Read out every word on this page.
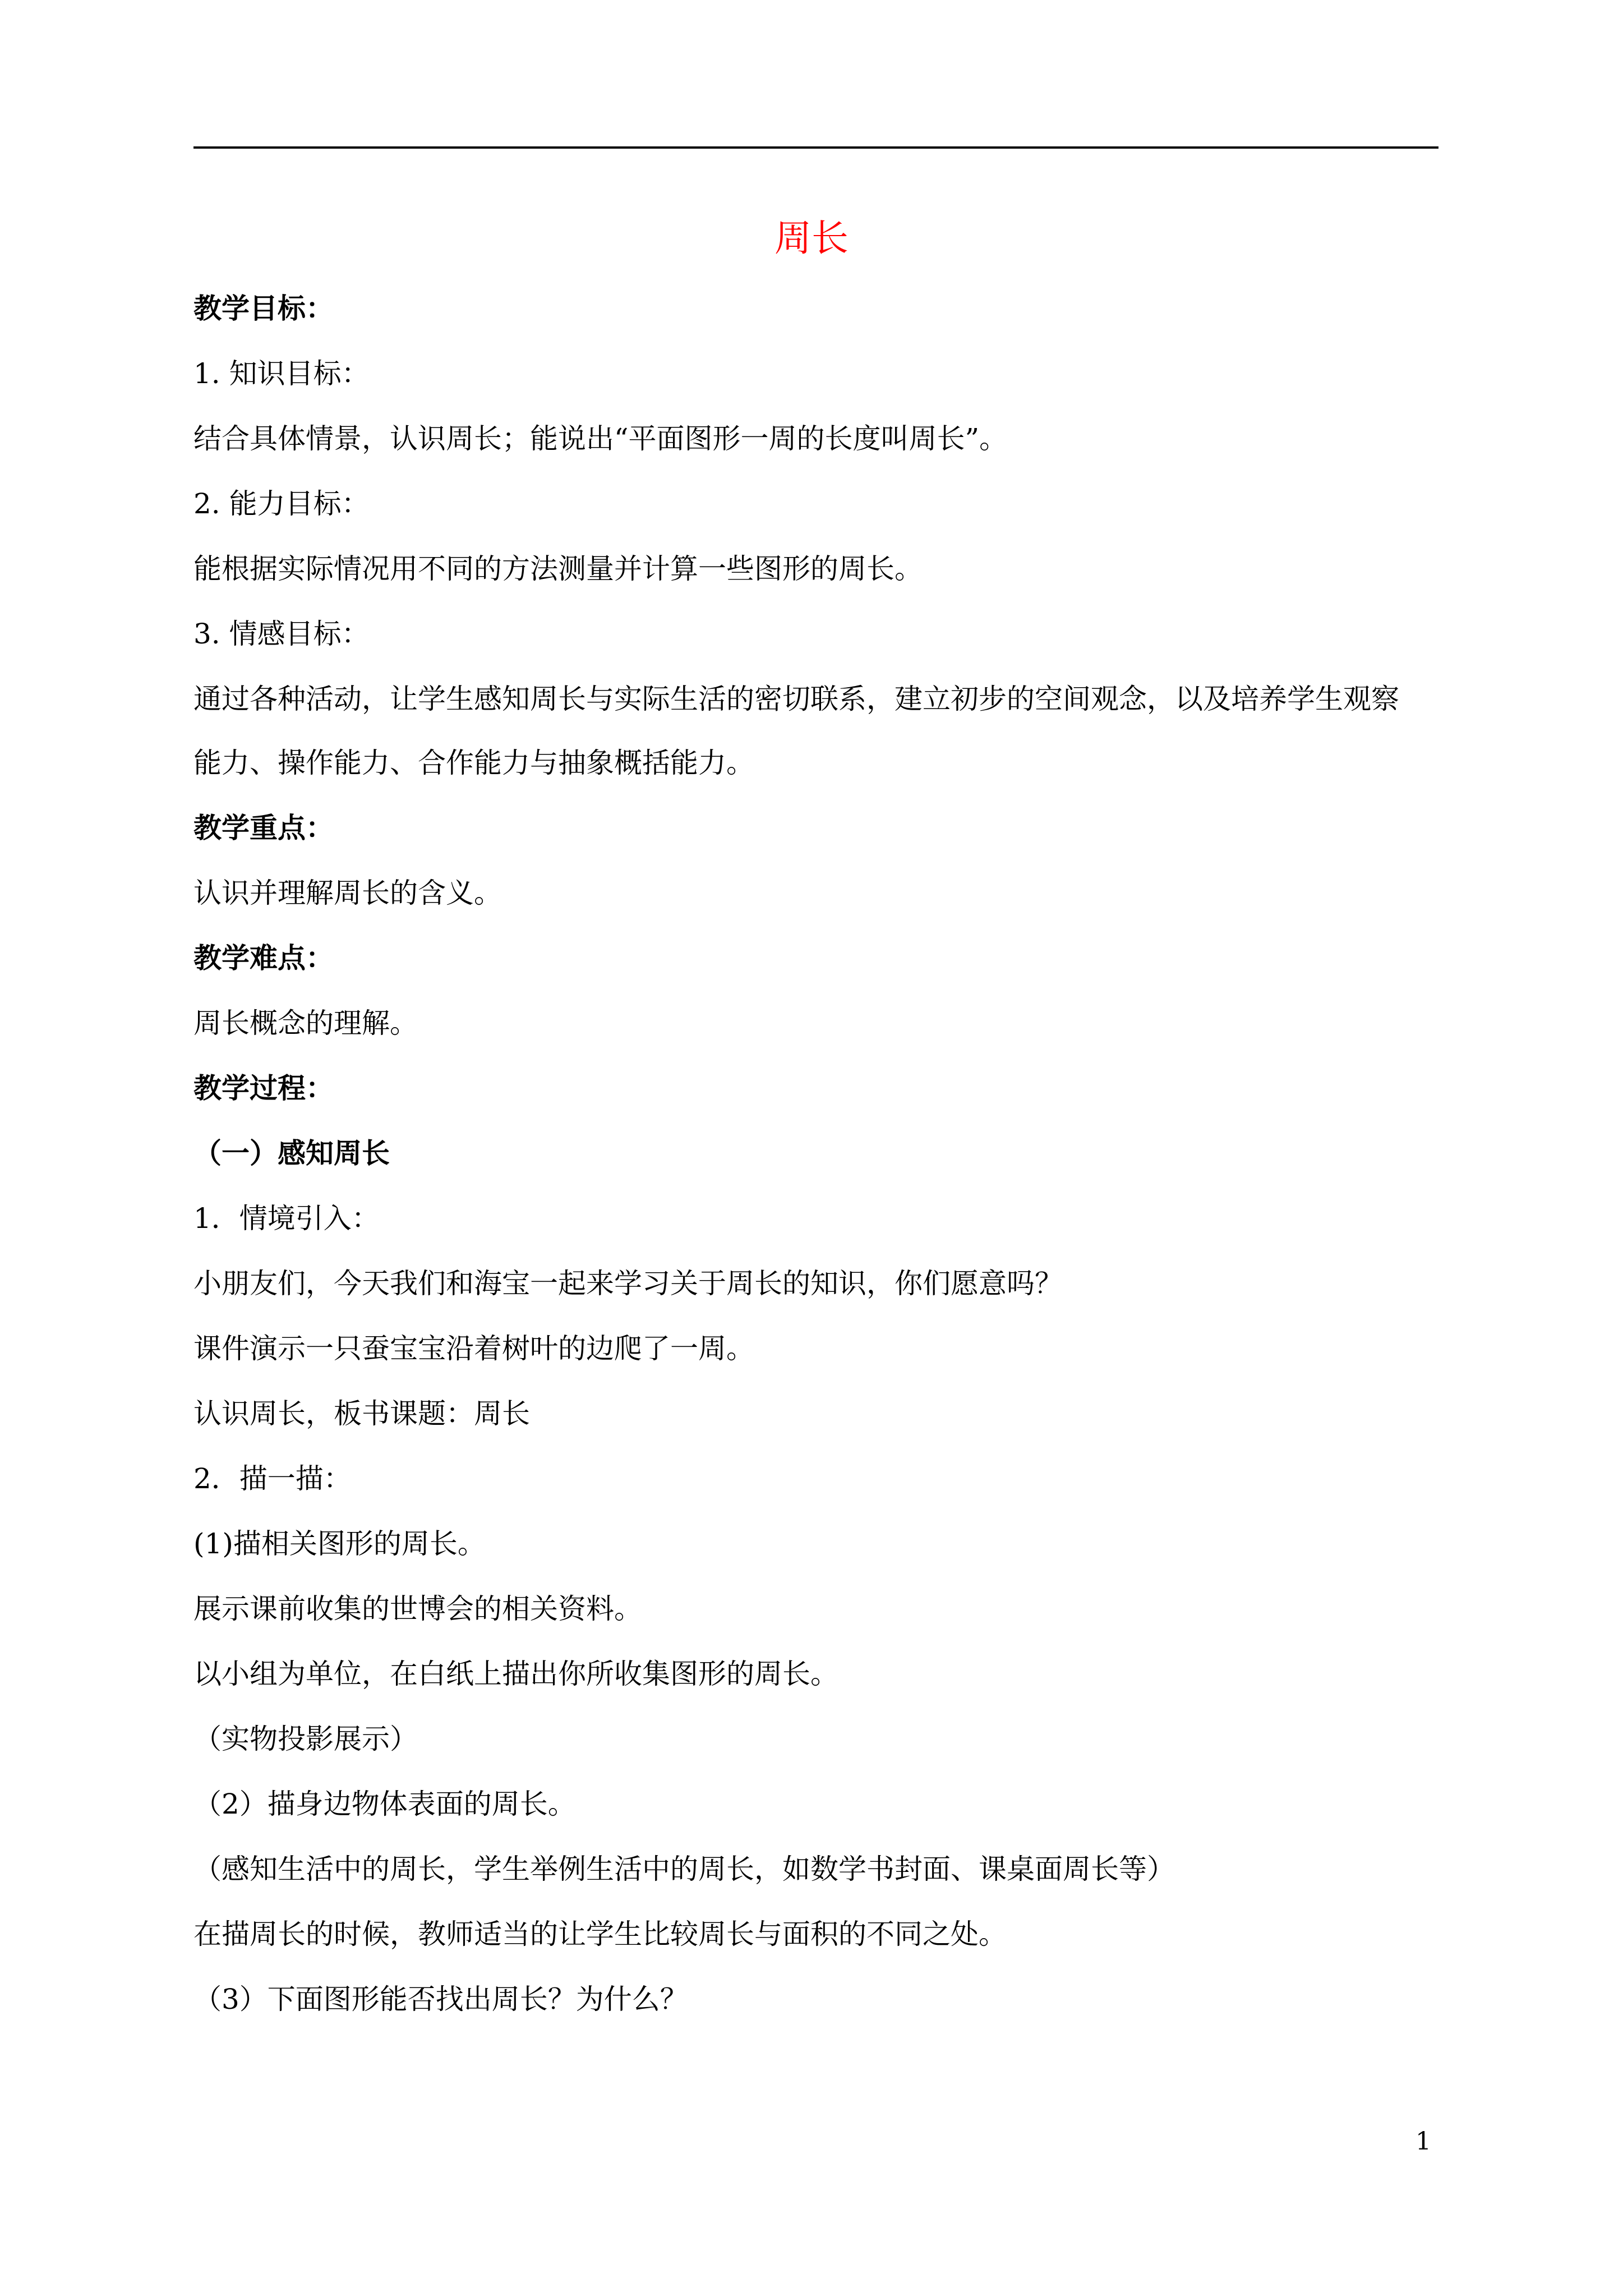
周长
教学目标：
1. 知识目标：
结合具体情景，认识周长；能说出“平面图形一周的长度叫周长”。
2. 能力目标：
能根据实际情况用不同的方法测量并计算一些图形的周长。
3. 情感目标：
通过各种活动，让学生感知周长与实际生活的密切联系，建立初步的空间观念，以及培养学生观察
能力、操作能力、合作能力与抽象概括能力。
教学重点：
认识并理解周长的含义。
教学难点：
周长概念的理解。
教学过程：
（一）感知周长
1．情境引入：
小朋友们，今天我们和海宝一起来学习关于周长的知识，你们愿意吗？
课件演示一只蚕宝宝沿着树叶的边爬了一周。
认识周长，板书课题：周长
2．描一描：
(1)描相关图形的周长。
展示课前收集的世博会的相关资料。
以小组为单位，在白纸上描出你所收集图形的周长。
（实物投影展示）
（2）描身边物体表面的周长。
（感知生活中的周长，学生举例生活中的周长，如数学书封面、课桌面周长等）
在描周长的时候，教师适当的让学生比较周长与面积的不同之处。
（3）下面图形能否找出周长？为什么？
1
